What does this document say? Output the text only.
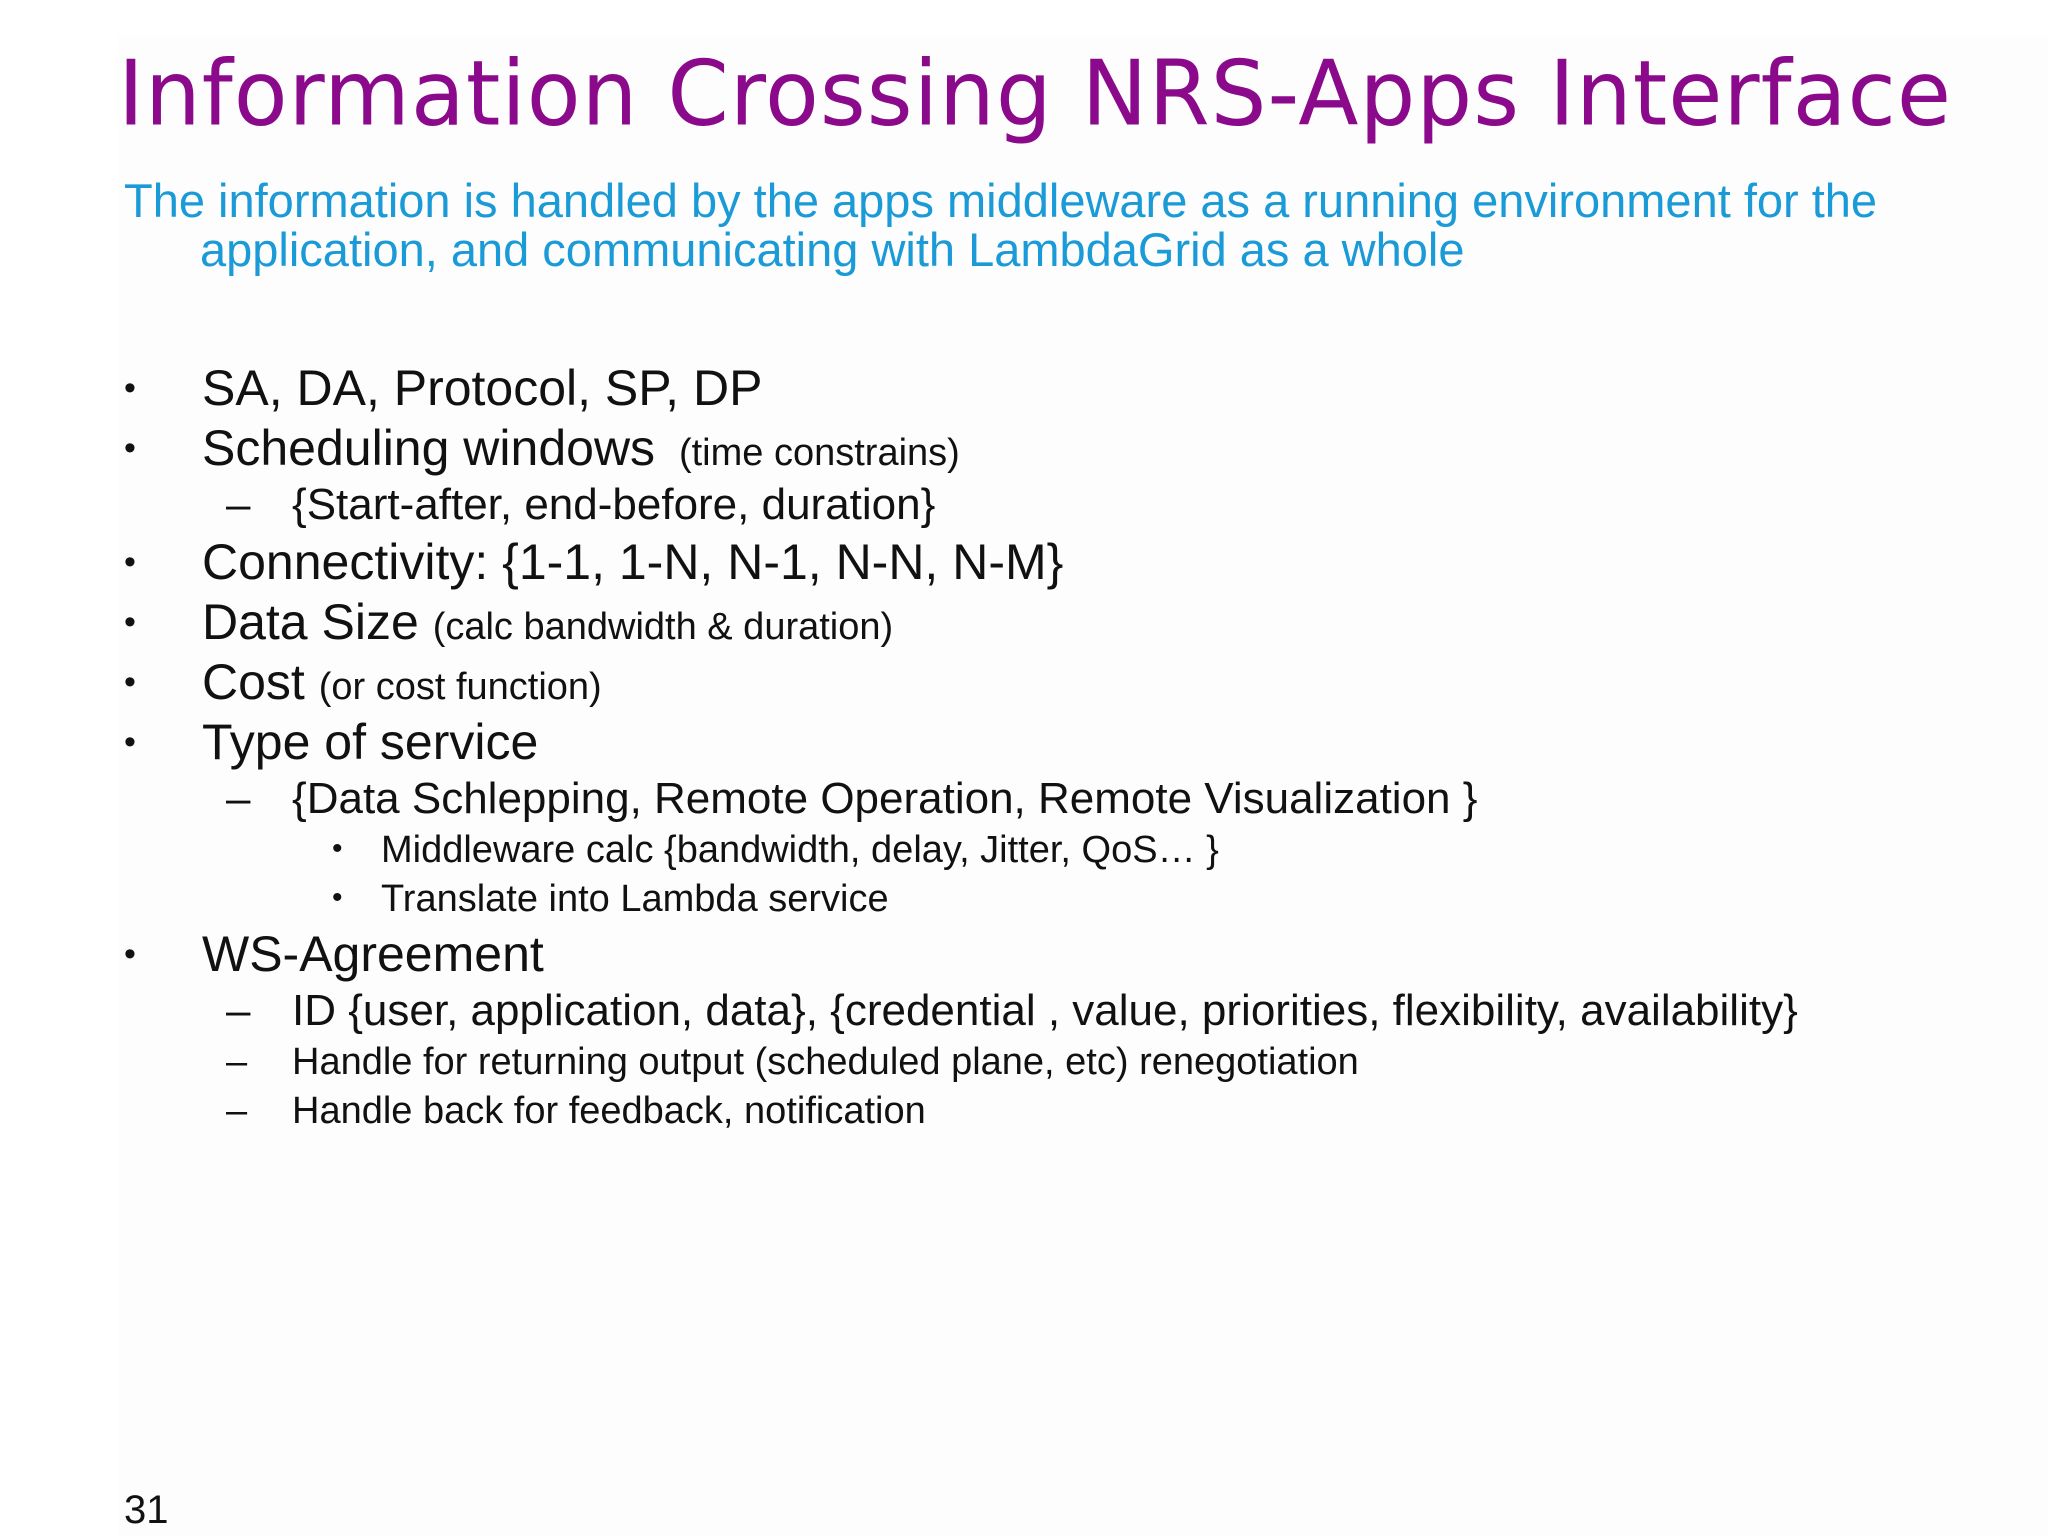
Information Crossing NRS-Apps Interface

The information is handled by the apps middleware as a running environment for the application, and communicating with LambdaGrid as a whole

• SA, DA, Protocol, SP, DP
• Scheduling windows (time constrains)
– {Start-after, end-before, duration}
• Connectivity: {1-1, 1-N, N-1, N-N, N-M}
• Data Size (calc bandwidth & duration)
• Cost (or cost function)
• Type of service
– {Data Schlepping, Remote Operation, Remote Visualization }
• Middleware calc {bandwidth, delay, Jitter, QoS… }
• Translate into Lambda service
• WS-Agreement
– ID {user, application, data}, {credential , value, priorities, flexibility, availability}
– Handle for returning output (scheduled plane, etc) renegotiation
– Handle back for feedback, notification

31
